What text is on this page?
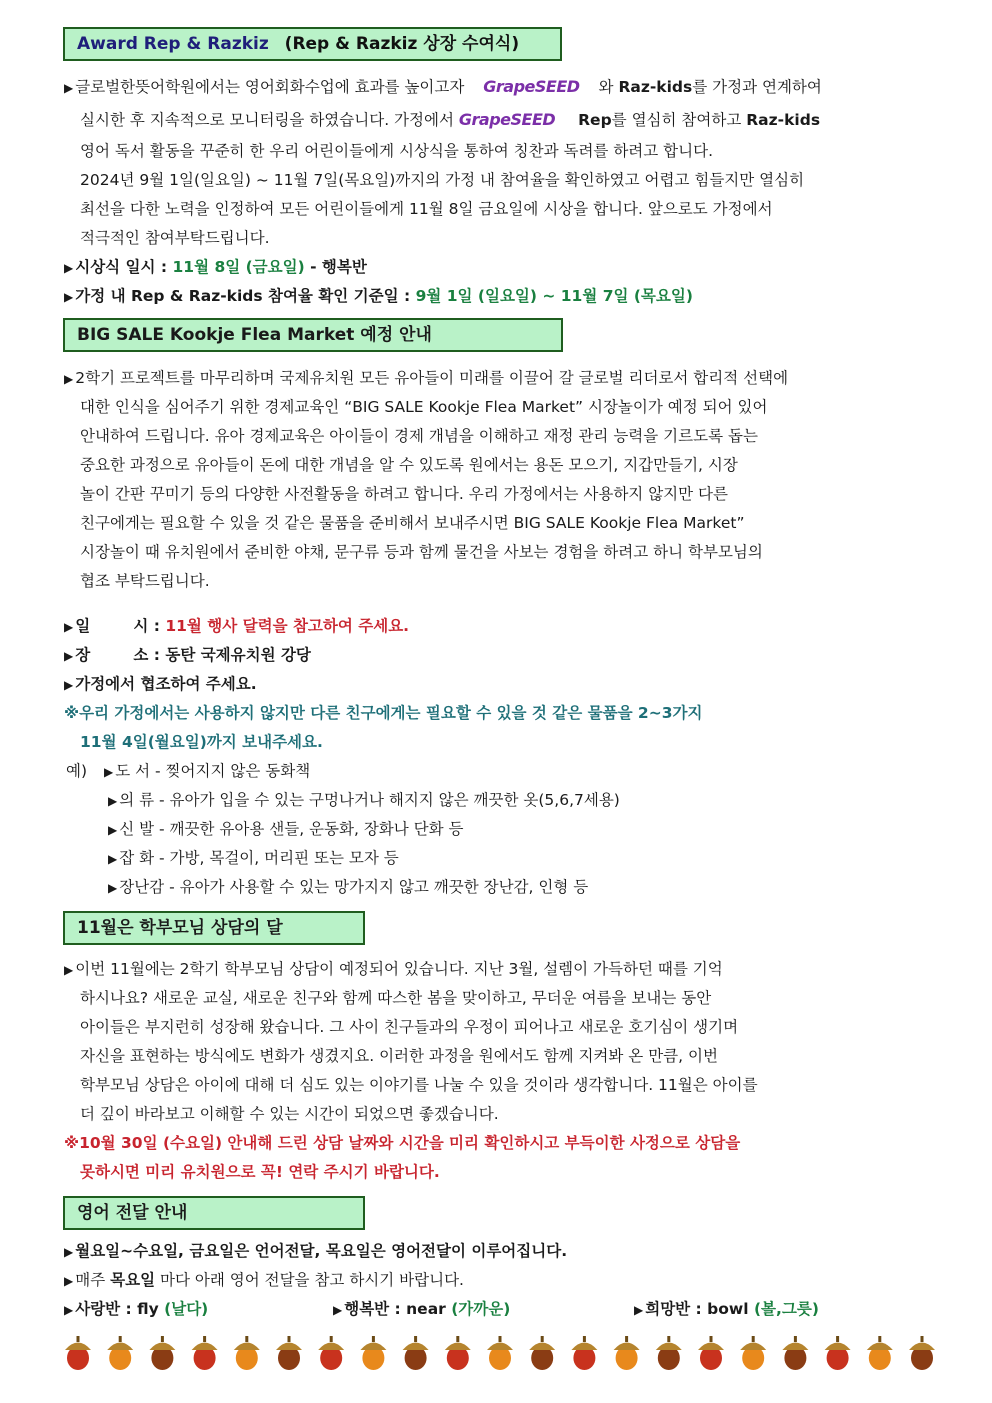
Award Rep & Razkiz (Rep & Razkiz 상장 수여식)
▶ 글로벌한뜻어학원에서는 영어회화수업에 효과를 높이고자 GrapeSEED 와 Raz-kids를 가정과 연계하여
실시한 후 지속적으로 모니터링을 하였습니다. 가정에서 GrapeSEED Rep를 열심히 참여하고 Raz-kids
영어 독서 활동을 꾸준히 한 우리 어린이들에게 시상식을 통하여 칭찬과 독려를 하려고 합니다.
2024년 9월 1일(일요일) ~ 11월 7일(목요일)까지의 가정 내 참여율을 확인하였고 어렵고 힘들지만 열심히
최선을 다한 노력을 인정하여 모든 어린이들에게 11월 8일 금요일에 시상을 합니다. 앞으로도 가정에서
적극적인 참여부탁드립니다.
▶ 시상식 일시 : 11월 8일 (금요일) - 행복반
▶ 가정 내 Rep & Raz-kids 참여율 확인 기준일 : 9월 1일 (일요일) ~ 11월 7일 (목요일)
BIG SALE Kookje Flea Market 예정 안내
▶ 2학기 프로젝트를 마무리하며 국제유치원 모든 유아들이 미래를 이끌어 갈 글로벌 리더로서 합리적 선택에
대한 인식을 심어주기 위한 경제교육인 “BIG SALE Kookje Flea Market” 시장놀이가 예정 되어 있어
안내하여 드립니다. 유아 경제교육은 아이들이 경제 개념을 이해하고 재정 관리 능력을 기르도록 돕는
중요한 과정으로 유아들이 돈에 대한 개념을 알 수 있도록 원에서는 용돈 모으기, 지갑만들기, 시장
놀이 간판 꾸미기 등의 다양한 사전활동을 하려고 합니다. 우리 가정에서는 사용하지 않지만 다른
친구에게는 필요할 수 있을 것 같은 물품을 준비해서 보내주시면 BIG SALE Kookje Flea Market”
시장놀이 때 유치원에서 준비한 야채, 문구류 등과 함께 물건을 사보는 경험을 하려고 하니 학부모님의
협조 부탁드립니다.
▶ 일        시 : 11월 행사 달력을 참고하여 주세요.
▶ 장        소 : 동탄 국제유치원 강당
▶ 가정에서 협조하여 주세요.
※우리 가정에서는 사용하지 않지만 다른 친구에게는 필요할 수 있을 것 같은 물품을 2~3가지
11월 4일(월요일)까지 보내주세요.
예) ▶ 도 서 - 찢어지지 않은 동화책
▶ 의 류 - 유아가 입을 수 있는 구멍나거나 해지지 않은 깨끗한 옷(5,6,7세용)
▶ 신 발 - 깨끗한 유아용 샌들, 운동화, 장화나 단화 등
▶ 잡 화 - 가방, 목걸이, 머리핀 또는 모자 등
▶ 장난감 - 유아가 사용할 수 있는 망가지지 않고 깨끗한 장난감, 인형 등
11월은 학부모님 상담의 달
▶ 이번 11월에는 2학기 학부모님 상담이 예정되어 있습니다. 지난 3월, 설렘이 가득하던 때를 기억
하시나요? 새로운 교실, 새로운 친구와 함께 따스한 봄을 맞이하고, 무더운 여름을 보내는 동안
아이들은 부지런히 성장해 왔습니다. 그 사이 친구들과의 우정이 피어나고 새로운 호기심이 생기며
자신을 표현하는 방식에도 변화가 생겼지요. 이러한 과정을 원에서도 함께 지켜봐 온 만큼, 이번
학부모님 상담은 아이에 대해 더 심도 있는 이야기를 나눌 수 있을 것이라 생각합니다. 11월은 아이를
더 깊이 바라보고 이해할 수 있는 시간이 되었으면 좋겠습니다.
※10월 30일 (수요일) 안내해 드린 상담 날짜와 시간을 미리 확인하시고 부득이한 사정으로 상담을
못하시면 미리 유치원으로 꼭! 연락 주시기 바랍니다.
영어 전달 안내
▶ 월요일~수요일, 금요일은 언어전달, 목요일은 영어전달이 이루어집니다.
▶ 매주 목요일 마다 아래 영어 전달을 참고 하시기 바랍니다.
▶ 사랑반 : fly (날다)	▶ 행복반 : near (가까운)	▶ 희망반 : bowl (볼,그릇)
